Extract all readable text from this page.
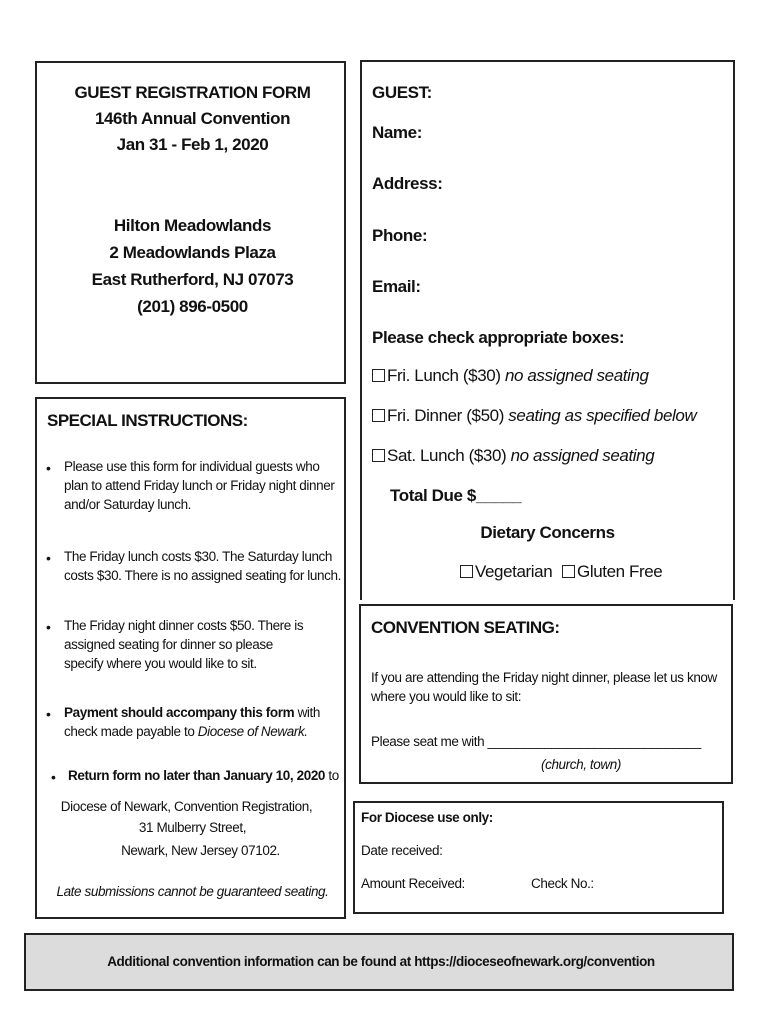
GUEST REGISTRATION FORM
146th Annual Convention
Jan 31 - Feb 1, 2020
Hilton Meadowlands
2 Meadowlands Plaza
East Rutherford, NJ 07073
(201) 896-0500
GUEST:
Name:
Address:
Phone:
Email:
Please check appropriate boxes:
Fri. Lunch ($30) no assigned seating
Fri. Dinner ($50) seating as specified below
Sat. Lunch ($30) no assigned seating
Total Due $_____
Dietary Concerns
Vegetarian	Gluten Free
SPECIAL INSTRUCTIONS:
• Please use this form for individual guests who plan to attend Friday lunch or Friday night dinner and/or Saturday lunch.
• The Friday lunch costs $30. The Saturday lunch costs $30. There is no assigned seating for lunch.
• The Friday night dinner costs $50. There is assigned seating for dinner so please specify where you would like to sit.
• Payment should accompany this form with check made payable to Diocese of Newark.
• Return form no later than January 10, 2020 to
Diocese of Newark, Convention Registration,
31 Mulberry Street,
Newark, New Jersey 07102.
Late submissions cannot be guaranteed seating.
CONVENTION SEATING:
If you are attending the Friday night dinner, please let us know where you would like to sit:
Please seat me with ______________________________
(church, town)
For Diocese use only:
Date received:
Amount Received:	Check No.:
Additional convention information can be found at https://dioceseofnewark.org/convention
